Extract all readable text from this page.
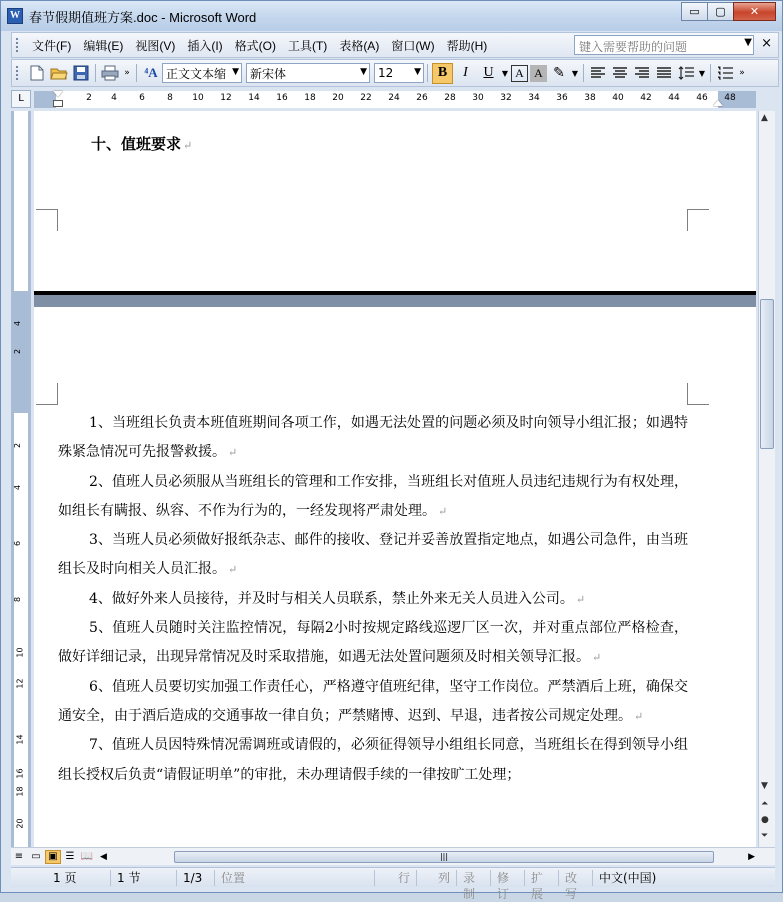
W 春节假期值班方案.doc - Microsoft Word	▭ ▢ ✕
文件(F)	编辑(E)	视图(V)	插入(I)	格式(O)	工具(T)	表格(A)	窗口(W)	帮助(H)	键入需要帮助的问题	▼ ×
» ⁴A 正文文本缩 ▼ 新宋体	▼ 12 ▼	B	I	U	▼ A A ✎ ▼	▼	»
L	2 4 6 8 10 12 14 16 18 20 22 24 26 28 30 32 34 36 38 40 42 44 46 48
4
2
2
4
6
8
10
12
14
16
18
20
十、值班要求 ↵

1、当班组长负责本班值班期间各项工作，如遇无法处置的问题必须及时向领导小组汇报；如遇特殊紧急情况可先报警救援。 ↵

2、值班人员必须服从当班组长的管理和工作安排，当班组长对值班人员违纪违规行为有权处理，如组长有瞒报、纵容、不作为行为的，一经发现将严肃处理。 ↵

3、当班人员必须做好报纸杂志、邮件的接收、登记并妥善放置指定地点，如遇公司急件，由当班组长及时向相关人员汇报。 ↵

4、做好外来人员接待，并及时与相关人员联系，禁止外来无关人员进入公司。 ↵

5、值班人员随时关注监控情况，每隔2小时按规定路线巡逻厂区一次，并对重点部位严格检查，做好详细记录，出现异常情况及时采取措施，如遇无法处置问题须及时相关领导汇报。 ↵

6、值班人员要切实加强工作责任心，严格遵守值班纪律，坚守工作岗位。严禁酒后上班，确保交通安全，由于酒后造成的交通事故一律自负；严禁赌博、迟到、早退，违者按公司规定处理。 ↵

7、值班人员因特殊情况需调班或请假的，必须征得领导小组组长同意，当班组长在得到领导小组组长授权后负责“请假证明单”的审批，未办理请假手续的一律按旷工处理；

▲
▼
⏶
●
⏷
≡ ▭ ▣ ☰ 📖 ◀	|||	▶
1 页	1 节	1/3	位置	行	列	录制
修订
扩展
改写
中文(中国)
